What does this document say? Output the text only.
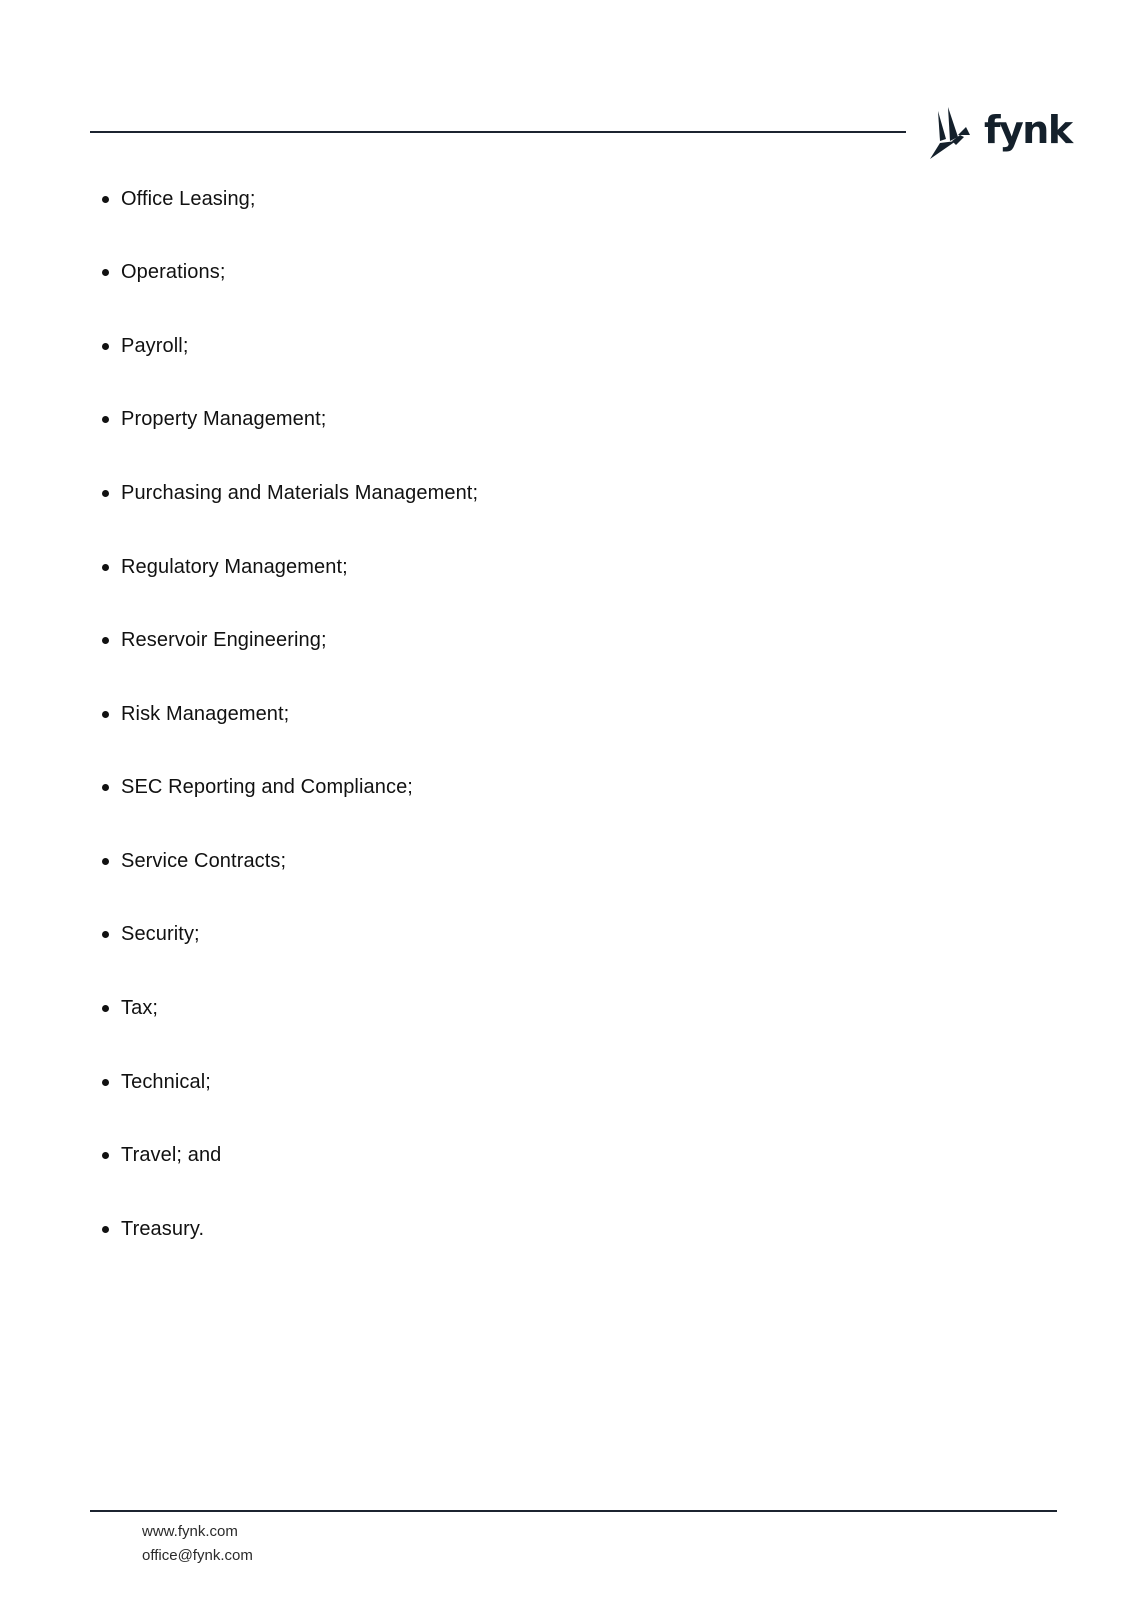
fynk
Office Leasing;
Operations;
Payroll;
Property Management;
Purchasing and Materials Management;
Regulatory Management;
Reservoir Engineering;
Risk Management;
SEC Reporting and Compliance;
Service Contracts;
Security;
Tax;
Technical;
Travel; and
Treasury.
www.fynk.com
office@fynk.com
